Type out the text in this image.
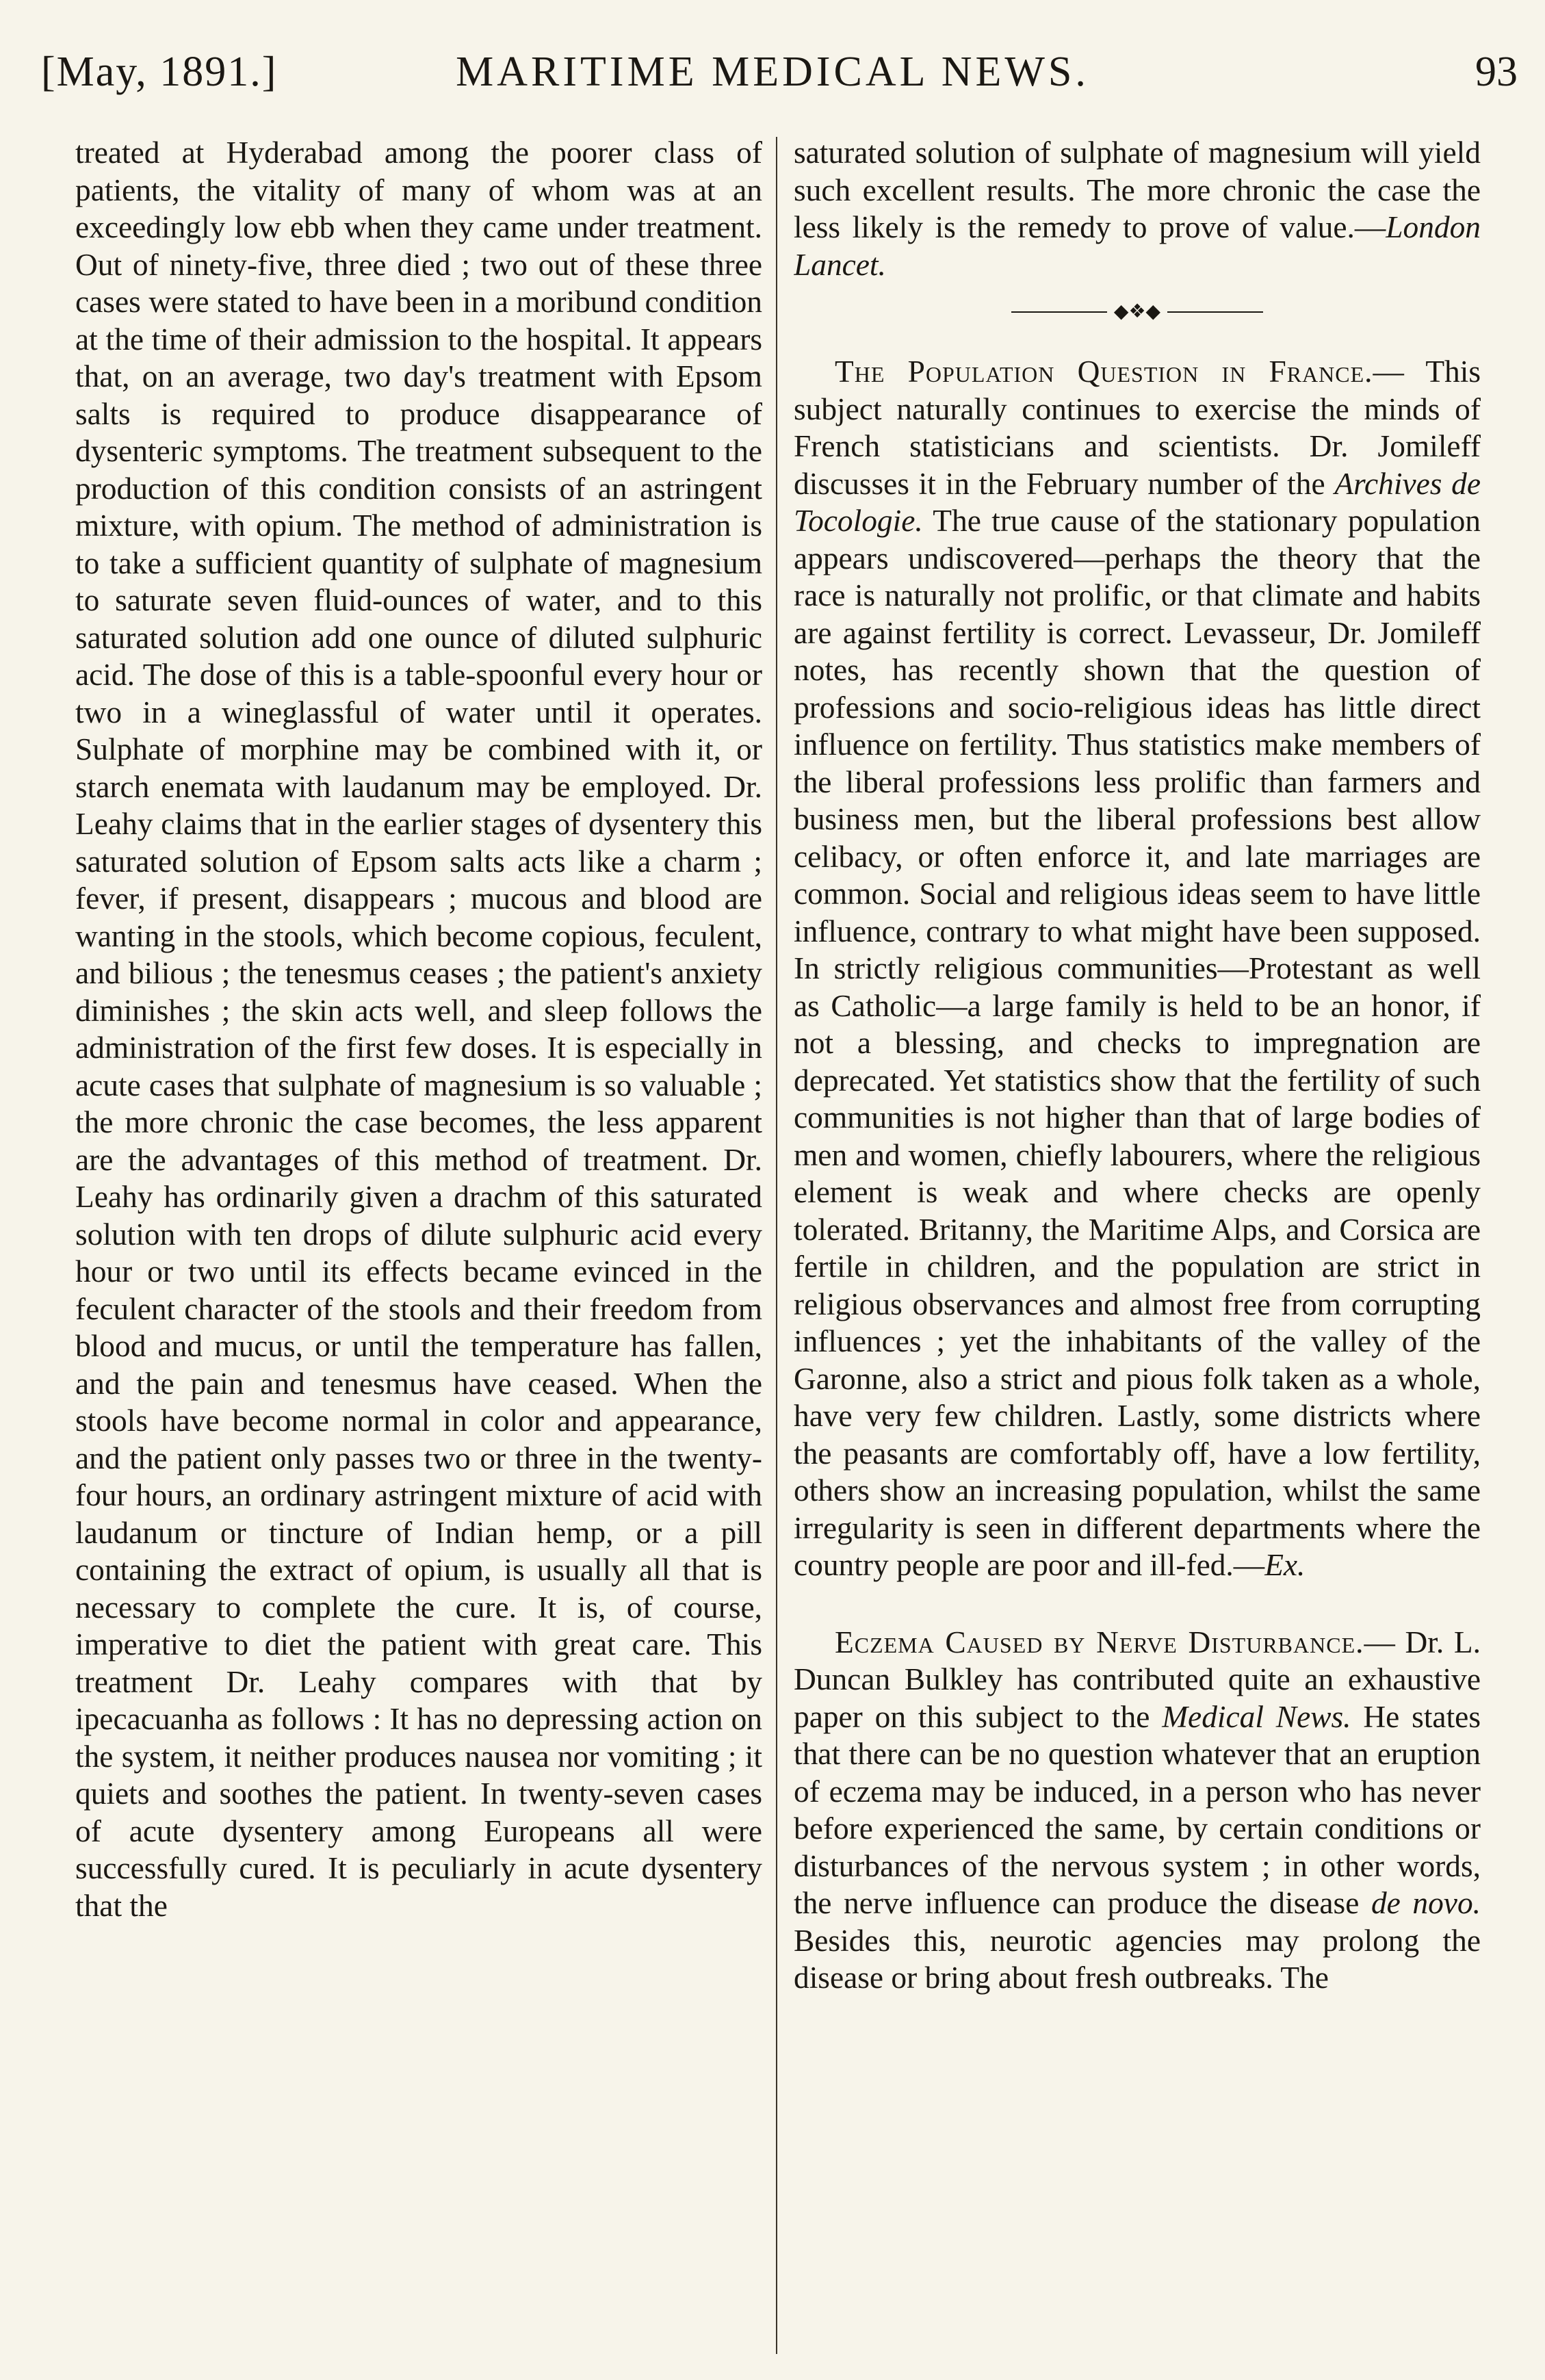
[May, 1891.]	MARITIME MEDICAL NEWS.	93

treated at Hyderabad among the poorer class of patients, the vitality of many of whom was at an exceedingly low ebb when they came under treatment. Out of ninety-five, three died ; two out of these three cases were stated to have been in a moribund condition at the time of their admission to the hospital. It appears that, on an average, two day's treatment with Epsom salts is required to produce disappearance of dysenteric symptoms. The treatment subsequent to the production of this condition consists of an astringent mixture, with opium. The method of administration is to take a sufficient quantity of sulphate of magnesium to saturate seven fluid-ounces of water, and to this saturated solution add one ounce of diluted sulphuric acid. The dose of this is a table-spoonful every hour or two in a wineglassful of water until it operates. Sulphate of morphine may be combined with it, or starch enemata with laudanum may be employed. Dr. Leahy claims that in the earlier stages of dysentery this saturated solution of Epsom salts acts like a charm ; fever, if present, disappears ; mucous and blood are wanting in the stools, which become copious, feculent, and bilious ; the tenesmus ceases ; the patient's anxiety diminishes ; the skin acts well, and sleep follows the administration of the first few doses. It is especially in acute cases that sulphate of magnesium is so valuable ; the more chronic the case becomes, the less apparent are the advantages of this method of treatment. Dr. Leahy has ordinarily given a drachm of this saturated solution with ten drops of dilute sulphuric acid every hour or two until its effects became evinced in the feculent character of the stools and their freedom from blood and mucus, or until the temperature has fallen, and the pain and tenesmus have ceased. When the stools have become normal in color and appearance, and the patient only passes two or three in the twenty-four hours, an ordinary astringent mixture of acid with laudanum or tincture of Indian hemp, or a pill containing the extract of opium, is usually all that is necessary to complete the cure. It is, of course, imperative to diet the patient with great care. This treatment Dr. Leahy compares with that by ipecacuanha as follows : It has no depressing action on the system, it neither produces nausea nor vomiting ; it quiets and soothes the patient. In twenty-seven cases of acute dysentery among Europeans all were successfully cured. It is peculiarly in acute dysentery that the

saturated solution of sulphate of magnesium will yield such excellent results. The more chronic the case the less likely is the remedy to prove of value.—London Lancet.

◆❖◆

The Population Question in France.— This subject naturally continues to exercise the minds of French statisticians and scientists. Dr. Jomileff discusses it in the February number of the Archives de Tocologie. The true cause of the stationary population appears undiscovered—perhaps the theory that the race is naturally not prolific, or that climate and habits are against fertility is correct. Levasseur, Dr. Jomileff notes, has recently shown that the question of professions and socio-religious ideas has little direct influence on fertility. Thus statistics make members of the liberal professions less prolific than farmers and business men, but the liberal professions best allow celibacy, or often enforce it, and late marriages are common. Social and religious ideas seem to have little influence, contrary to what might have been supposed. In strictly religious communities—Protestant as well as Catholic—a large family is held to be an honor, if not a blessing, and checks to impregnation are deprecated. Yet statistics show that the fertility of such communities is not higher than that of large bodies of men and women, chiefly labourers, where the religious element is weak and where checks are openly tolerated. Britanny, the Maritime Alps, and Corsica are fertile in children, and the population are strict in religious observances and almost free from corrupting influences ; yet the inhabitants of the valley of the Garonne, also a strict and pious folk taken as a whole, have very few children. Lastly, some districts where the peasants are comfortably off, have a low fertility, others show an increasing population, whilst the same irregularity is seen in different departments where the country people are poor and ill-fed.—Ex.

Eczema Caused by Nerve Disturbance.— Dr. L. Duncan Bulkley has contributed quite an exhaustive paper on this subject to the Medical News. He states that there can be no question whatever that an eruption of eczema may be induced, in a person who has never before experienced the same, by certain conditions or disturbances of the nervous system ; in other words, the nerve influence can produce the disease de novo. Besides this, neurotic agencies may prolong the disease or bring about fresh outbreaks. The
